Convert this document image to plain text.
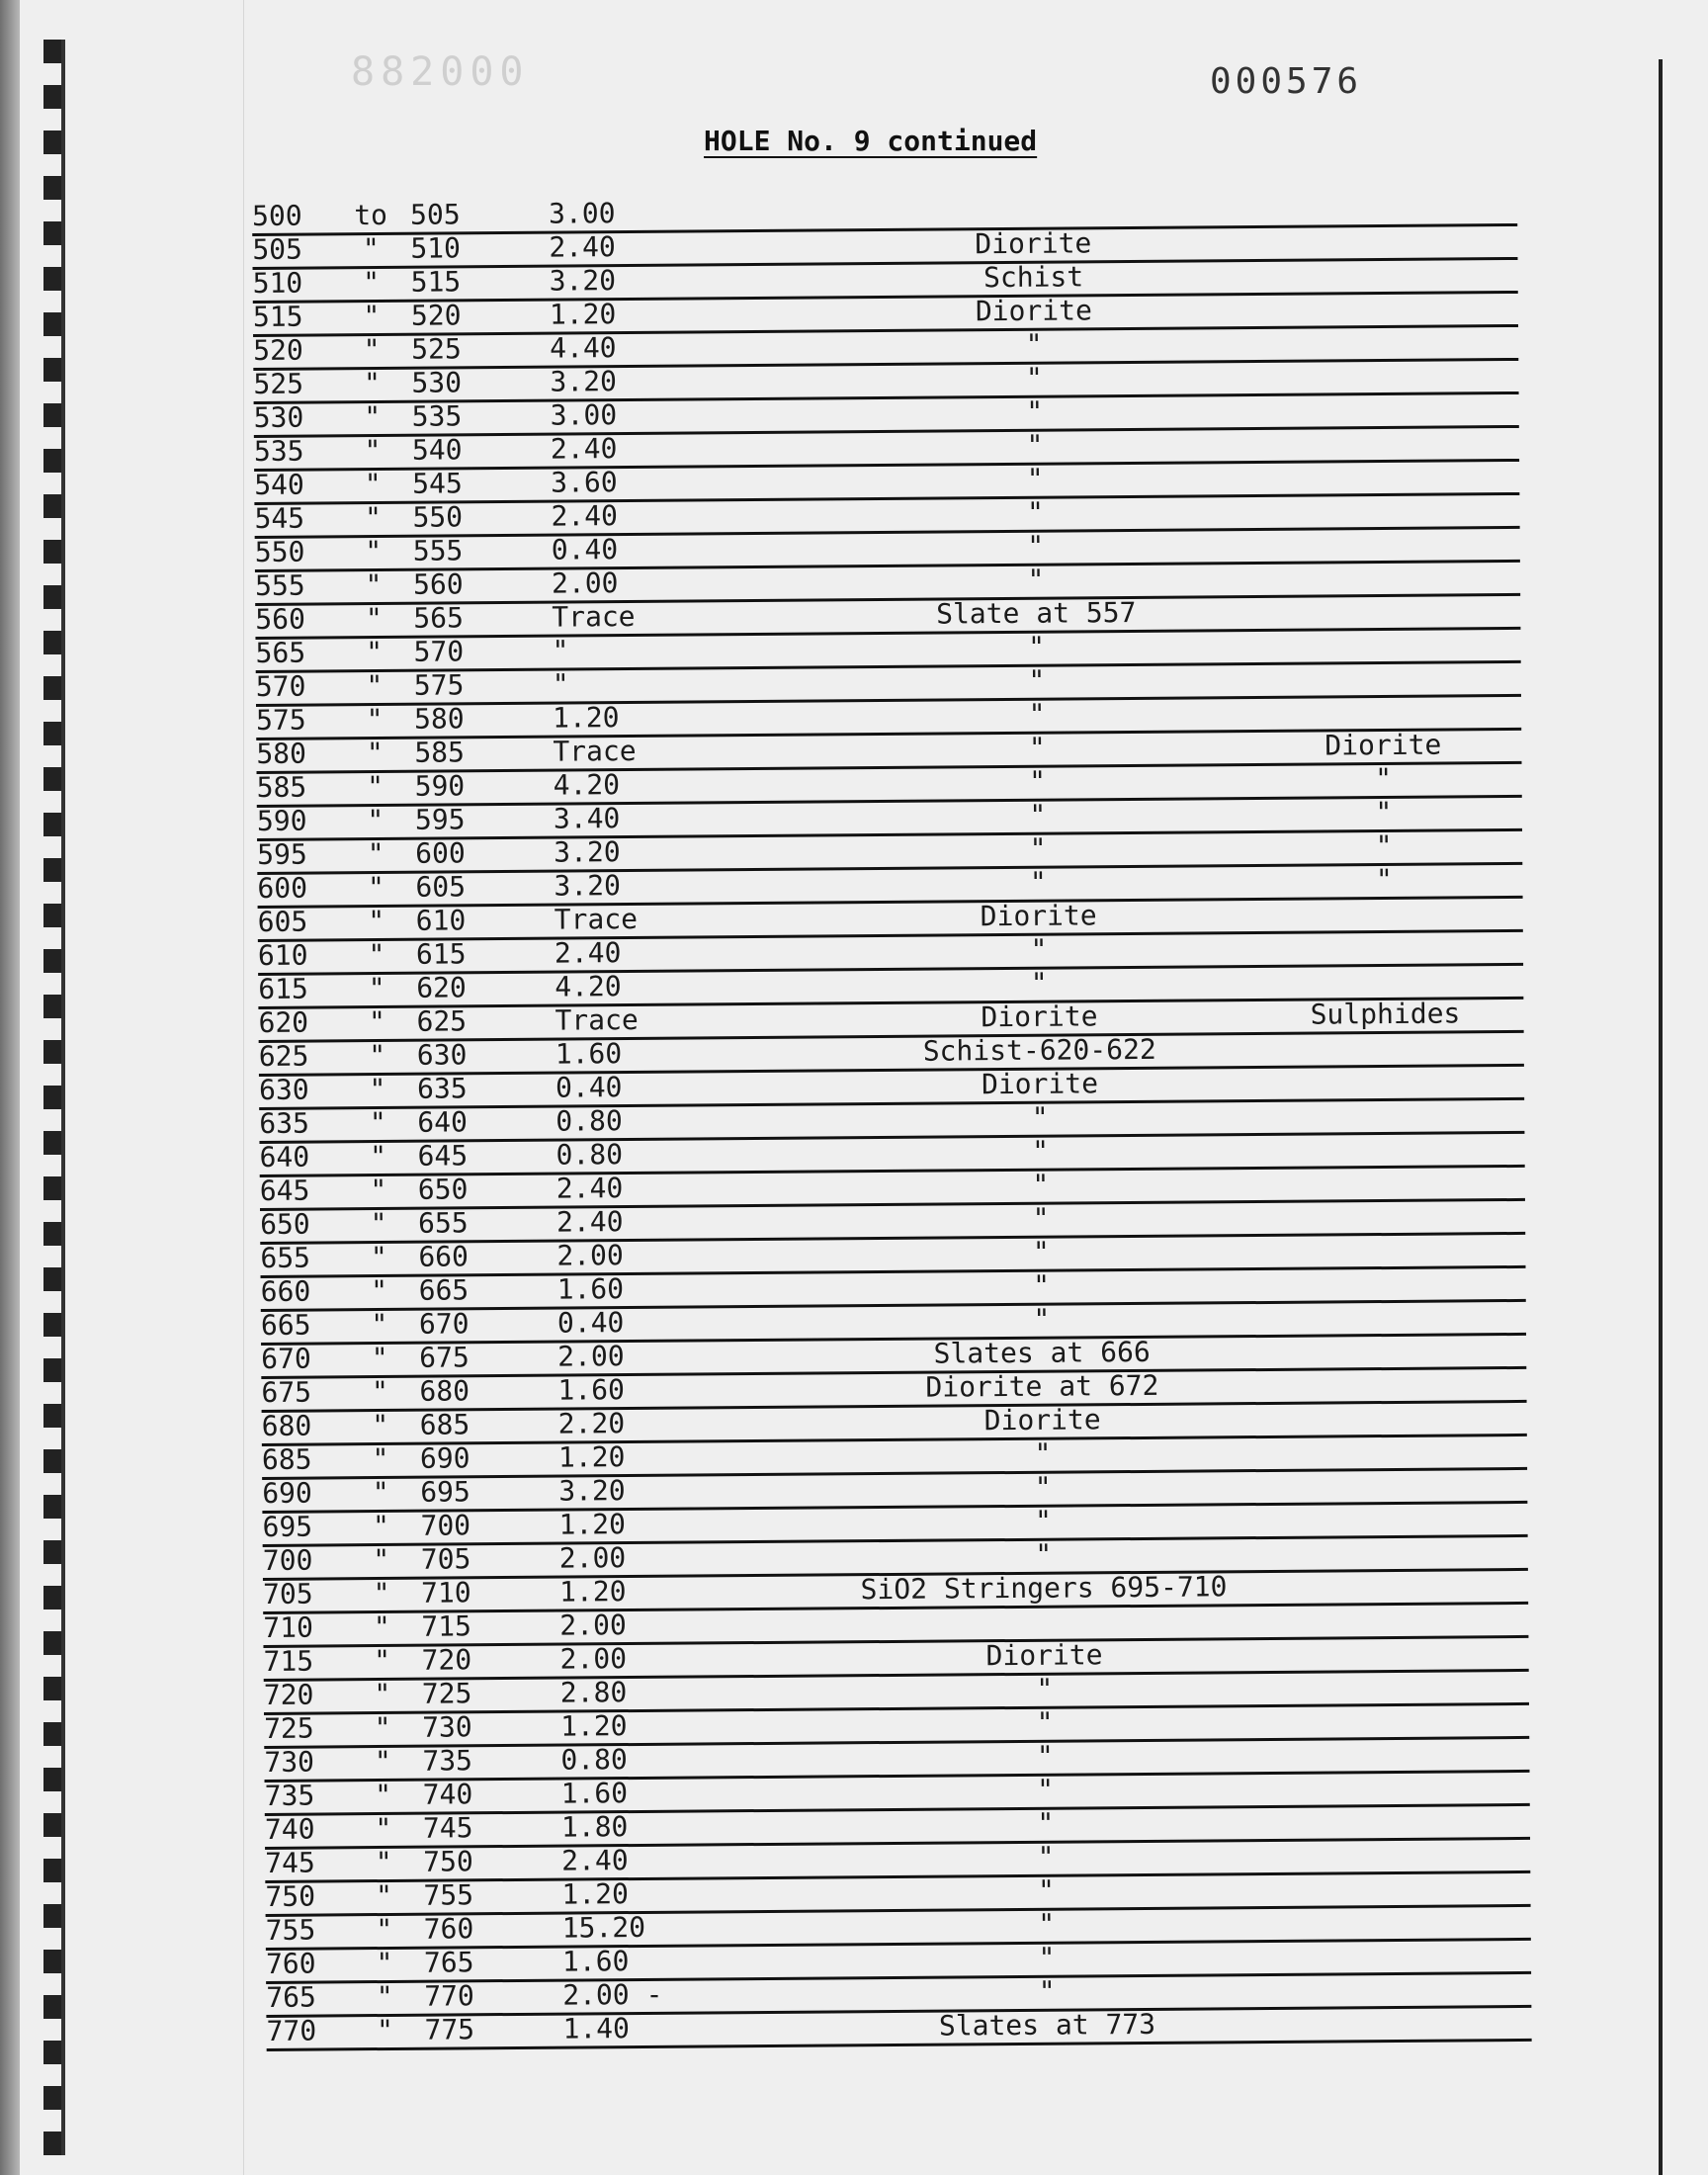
882000	000576
HOLE No. 9 continued
500	to 505	3.00
505	"	510	2.40	Diorite
510	"	515	3.20	Schist
515	"	520	1.20	Diorite
520	"	525	4.40	"
525	"	530	3.20	"
530	"	535	3.00	"
535	"	540	2.40	"
540	"	545	3.60	"
545	"	550	2.40	"
550	"	555	0.40	"
555	"	560	2.00	"
560	"	565	Trace	Slate at 557
565	"	570	"	"
570	"	575	"	"
575	"	580	1.20	"
580	"	585	Trace	"	Diorite
585	"	590	4.20	"	"
590	"	595	3.40	"	"
595	"	600	3.20	"	"
600	"	605	3.20	"	"
605	"	610	Trace	Diorite
610	"	615	2.40	"
615	"	620	4.20	"
620	"	625	Trace	Diorite	Sulphides
625	"	630	1.60	Schist-620-622
630	"	635	0.40	Diorite
635	"	640	0.80	"
640	"	645	0.80	"
645	"	650	2.40	"
650	"	655	2.40	"
655	"	660	2.00	"
660	"	665	1.60	"
665	"	670	0.40	"
670	"	675	2.00	Slates at 666
675	"	680	1.60	Diorite at 672
680	"	685	2.20	Diorite
685	"	690	1.20	"
690	"	695	3.20	"
695	"	700	1.20	"
700	"	705	2.00	"
705	"	710	1.20	SiO2 Stringers 695-710
710	"	715	2.00
715	"	720	2.00	Diorite
720	"	725	2.80	"
725	"	730	1.20	"
730	"	735	0.80	"
735	"	740	1.60	"
740	"	745	1.80	"
745	"	750	2.40	"
750	"	755	1.20	"
755	"	760	15.20	"
760	"	765	1.60	"
765	"	770	2.00 -	"
770	"	775	1.40	Slates at 773
